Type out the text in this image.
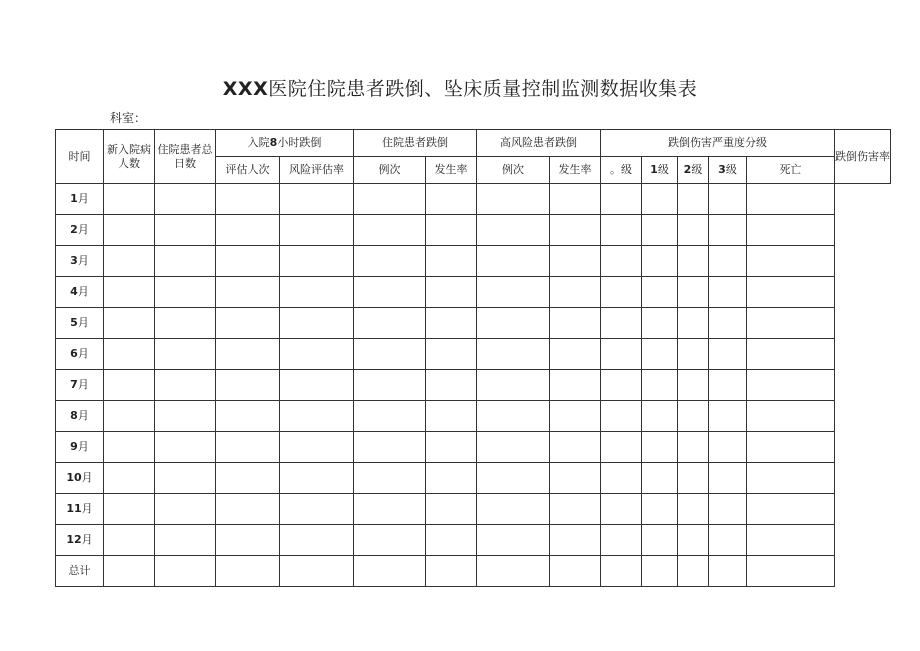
XXX医院住院患者跌倒、坠床质量控制监测数据收集表
科室：
时间	新入院病人数	住院患者总日数	入院8小时跌倒		住院患者跌倒		高风险患者跌倒		跌倒伤害严重度分级					跌倒伤害率
			评估人次	风险评估率	例次	发生率	例次	发生率	。级	1级	2级	3级	死亡	
1月														
2月														
3月														
4月														
5月														
6月														
7月														
8月														
9月														
10月														
11月														
12月														
总计														
